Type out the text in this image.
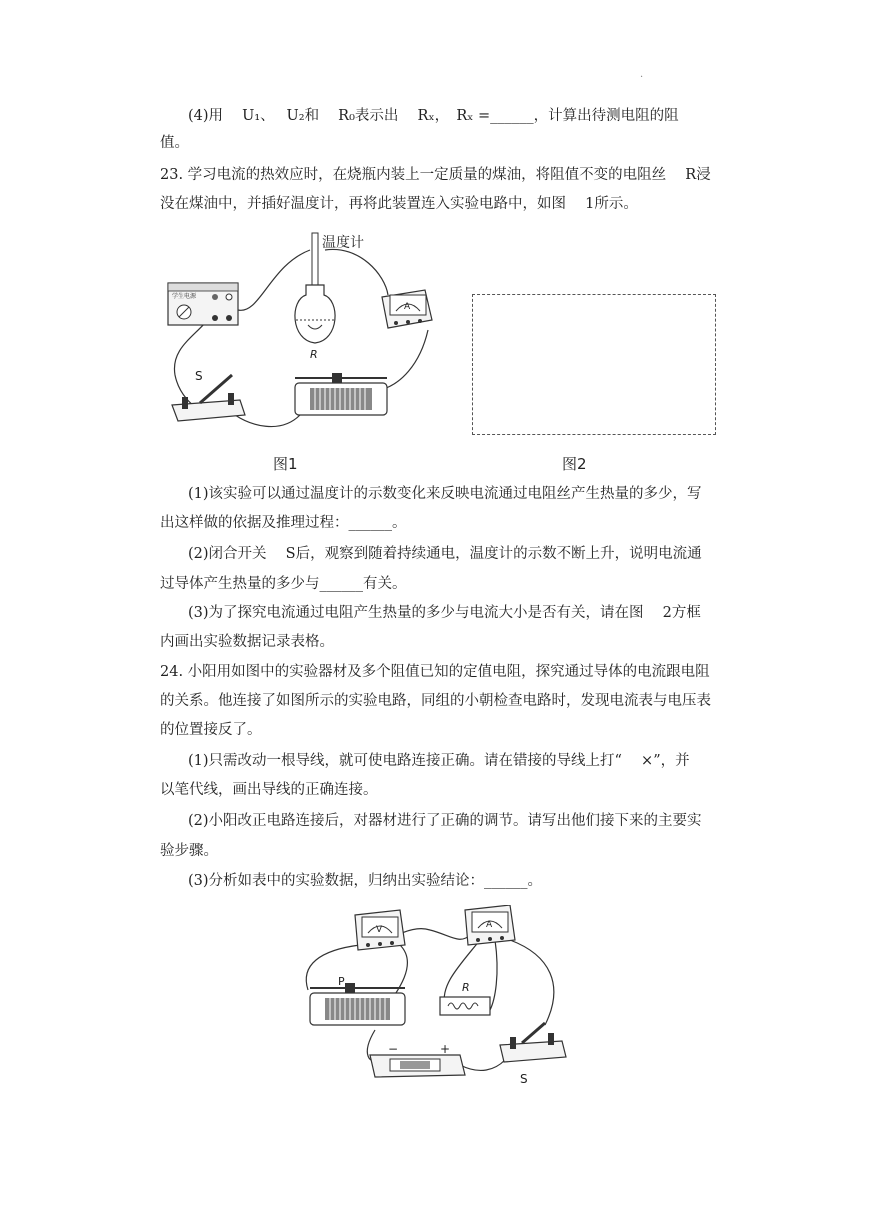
·
(4)用　 U₁、　 U₂和　 R₀表示出　 Rₓ，　Rₓ =______，计算出待测电阻的阻
值。
23. 学习电流的热效应时，在烧瓶内装上一定质量的煤油，将阻值不变的电阻丝　 R浸
没在煤油中，并插好温度计，再将此装置连入实验电路中，如图　 1所示。
学生电源
温度计
R
A
S
图1	图2
(1)该实验可以通过温度计的示数变化来反映电流通过电阻丝产生热量的多少，写
出这样做的依据及推理过程：______。
(2)闭合开关　 S后，观察到随着持续通电，温度计的示数不断上升，说明电流通
过导体产生热量的多少与______有关。
(3)为了探究电流通过电阻产生热量的多少与电流大小是否有关，请在图　 2方框
内画出实验数据记录表格。
24. 小阳用如图中的实验器材及多个阻值已知的定值电阻，探究通过导体的电流跟电阻
的关系。他连接了如图所示的实验电路，同组的小朝检查电路时，发现电流表与电压表
的位置接反了。
(1)只需改动一根导线，就可使电路连接正确。请在错接的导线上打“　 ×”，并
以笔代线，画出导线的正确连接。
(2)小阳改正电路连接后，对器材进行了正确的调节。请写出他们接下来的主要实
验步骤。
(3)分析如表中的实验数据，归纳出实验结论：______。
V	A
P	R
−	+
S
